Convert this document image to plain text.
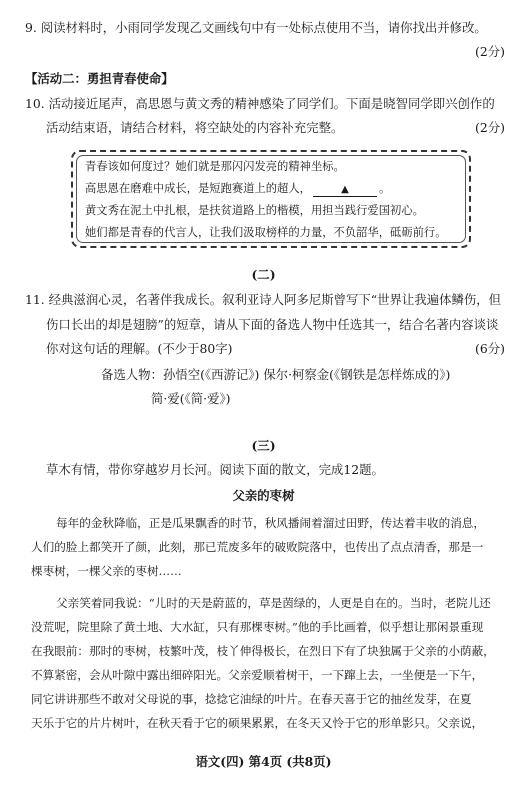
9. 阅读材料时，小雨同学发现乙文画线句中有一处标点使用不当，请你找出并修改。
(2分)
【活动二：勇担青春使命】
10. 活动接近尾声，高思恩与黄文秀的精神感染了同学们。下面是晓智同学即兴创作的
(2分)
活动结束语，请结合材料，将空缺处的内容补充完整。
青春该如何度过？她们就是那闪闪发亮的精神坐标。
高思恩在磨难中成长，是短跑赛道上的超人，	▲	。
黄文秀在泥土中扎根，是扶贫道路上的楷模，用担当践行爱国初心。
她们都是青春的代言人，让我们汲取榜样的力量，不负韶华，砥砺前行。
(二)
11. 经典滋润心灵，名著伴我成长。叙利亚诗人阿多尼斯曾写下“世界让我遍体鳞伤，但
伤口长出的却是翅膀”的短章，请从下面的备选人物中任选其一，结合名著内容谈谈
你对这句话的理解。(不少于80字)	(6分)
备选人物：孙悟空(《西游记》) 保尔·柯察金(《钢铁是怎样炼成的》)
简·爱(《简·爱》)
(三)
草木有情，带你穿越岁月长河。阅读下面的散文，完成12题。
父亲的枣树
每年的金秋降临，正是瓜果飘香的时节，秋风播闹着溜过田野，传达着丰收的消息，
人们的脸上都笑开了颜，此刻，那已荒废多年的破败院落中，也传出了点点清香，那是一
棵枣树，一棵父亲的枣树……
父亲笑着同我说：“儿时的天是蔚蓝的，草是茵绿的，人更是自在的。当时，老院儿还
没荒呢，院里除了黄土地、大水缸，只有那棵枣树。”他的手比画着，似乎想让那闲景重现
在我眼前：那时的枣树，枝繁叶茂，枝丫伸得极长，在烈日下有了块独属于父亲的小荫蔽，
不算紧密，会从叶隙中露出细碎阳光。父亲爱顺着树干，一下蹿上去，一坐便是一下午，
同它讲讲那些不敢对父母说的事，捻捻它油绿的叶片。在春天喜于它的抽丝发芽，在夏
天乐于它的片片树叶，在秋天看于它的硕果累累，在冬天又怜于它的形单影只。父亲说，
语文(四) 第4页 (共8页)
